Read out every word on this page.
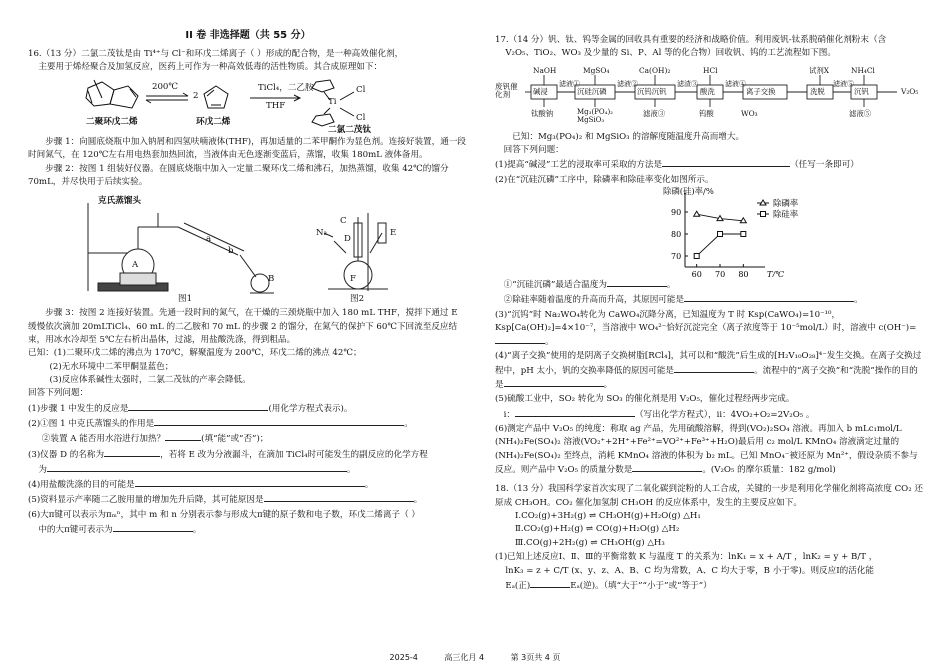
II 卷 非选择题（共 55 分）

16.（13 分）二氯二茂钛是由 Ti⁴⁺与 Cl⁻和环戊二烯离子（ ）形成的配合物，是一种高效催化剂，

主要用于烯烃聚合及加氢反应，医药上可作为一种高效低毒的活性物质。其合成原理如下：

200℃
2
TiCl₄，二乙胺
THF	Ti
Cl
Cl
二聚环戊二烯	环戊二烯
二氯二茂钛

步骤 1：向圆底烧瓶中加入钠屑和四氢呋喃液体(THF)，再加适量的二苯甲酮作为显色剂。连接好装置，通一段时间氮气，在 120℃左右用电热套加热回流，当液体由无色逐渐变蓝后，蒸馏，收集 180mL 液体备用。

步骤 2：按图 1 组装好仪器。在圆底烧瓶中加入一定量二聚环戊二烯和沸石，加热蒸馏，收集 42℃的馏分 70mL，并尽快用于后续实验。

克氏蒸馏头
A
B
a
b
C
D
E
F
N₂
图1	图2

步骤 3：按图 2 连接好装置。先通一段时间的氮气，在干燥的三颈烧瓶中加入 180 mL THF，搅拌下通过 E 缓慢依次滴加 20mLTiCl₄、60 mL 的二乙胺和 70 mL 的步骤 2 的馏分，在氮气的保护下 60℃下回流至反应结束，用冰水冷却至 5℃左右析出晶体，过滤，用盐酸洗涤，得到粗品。

已知：(1)二聚环戊二烯的沸点为 170℃，解聚温度为 200℃，环戊二烯的沸点 42℃；

(2)无水环境中二苯甲酮显蓝色；

(3)反应体系碱性太强时，二氯二茂钛的产率会降低。

回答下列问题：

(1)步骤 1 中发生的反应是	(用化学方程式表示)。

(2)①图 1 中克氏蒸馏头的作用是	。

②装置 A 能否用水浴进行加热？	(填“能”或“否”)；

(3)仪器 D 的名称为	，若将 E 改为分液漏斗，在滴加 TiCl₄时可能发生的副反应的化学方程

为	。

(4)用盐酸洗涤的目的可能是	。

(5)资料显示产率随二乙胺用量的增加先升后降，其可能原因是	。

(6)大π键可以表示为πₘⁿ，其中 m 和 n 分别表示参与形成大π键的原子数和电子数，环戊二烯离子（ ）

中的大π键可表示为	。

17.（14 分）钒、钛、钨等金属的回收具有重要的经济和战略价值。利用废钒-钛系脱硝催化剂粉末（含

V₂O₅、TiO₂、WO₃ 及少量的 Si、P、Al 等的化合物）回收钒、钨的工艺流程如下图。

废钒催化剂	碱浸	沉硅沉磷	沉钨沉钒	酸洗	离子交换	洗脱	沉钒
NaOH	MgSO₄	Ca(OH)₂	HCl	试剂X	NH₄Cl
滤液①	滤液②	滤渣③	滤液④	滤液⑤
钛酸钠	Mg₃(PO₄)₂ MgSiO₃
滤液③	钨酸	WO₃	滤液⑤
V₂O₅

已知：Mg₃(PO₄)₂ 和 MgSiO₃ 的溶解度随温度升高而增大。

回答下列问题：

(1)提高“碱浸”工艺的浸取率可采取的方法是	（任写一条即可）

(2)在“沉硅沉磷”工序中，除磷率和除硅率变化如图所示。

70
80
90
60 70 80 T/℃
除磷率
除硅率
除磷(硅)率/%

①“沉硅沉磷”最适合温度为	。

②除硅率随着温度的升高而升高，其原因可能是	。

(3)“沉钨”时 Na₂WO₄转化为 CaWO₄沉降分离，已知温度为 T 时 Ksp(CaWO₄)=10⁻¹⁰，Ksp[Ca(OH)₂]=4×10⁻⁷，当溶液中 WO₄²⁻恰好沉淀完全（离子浓度等于 10⁻⁵mol/L）时，溶液中 c(OH⁻)=。

(4)“离子交换”使用的是阴离子交换树脂[RCl₄]，其可以和“酸洗”后生成的[H₂V₁₀O₂₈]⁴⁻发生交换。在离子交换过程中，pH 太小，钒的交换率降低的原因可能是	。流程中的“离子交换”和“洗脱”操作的目的是	。

(5)硫酸工业中，SO₂ 转化为 SO₃ 的催化剂是用 V₂O₅，催化过程经两步完成。

ⅰ：	（写出化学方程式），ⅱ：4VO₂+O₂=2V₂O₅ 。

(6)测定产品中 V₂O₅ 的纯度：称取 ag 产品，先用硫酸溶解，得到(VO₂)₂SO₄ 溶液。再加入 b mLc₁mol/L (NH₄)₂Fe(SO₄)₂ 溶液(VO₂⁺+2H⁺+Fe²⁺=VO²⁺+Fe³⁺+H₂O)最后用 c₂ mol/L KMnO₄ 溶液滴定过量的 (NH₄)₂Fe(SO₄)₂ 至终点，消耗 KMnO₄ 溶液的体积为 b₂ mL。已知 MnO₄⁻被还原为 Mn²⁺，假设杂质不参与反应。则产品中 V₂O₅ 的质量分数是	。(V₂O₅ 的摩尔质量：182 g/mol)

18.（13 分）我国科学家首次实现了二氧化碳到淀粉的人工合成，关键的一步是利用化学催化剂将高浓度 CO₂ 还原成 CH₃OH。CO₂ 催化加氢制 CH₃OH 的反应体系中，发生的主要反应如下。

Ⅰ.CO₂(g)+3H₂(g) ⇌ CH₃OH(g)+H₂O(g) △H₁

Ⅱ.CO₂(g)+H₂(g) ⇌ CO(g)+H₂O(g) △H₂

Ⅲ.CO(g)+2H₂(g) ⇌ CH₃OH(g) △H₃

(1)已知上述反应Ⅰ、Ⅱ、Ⅲ的平衡常数 K 与温度 T 的关系为：lnK₁ = x + A/T ，lnK₂ = y + B/T ，

lnK₃ = z + C/T (x、y、z、A、B、C 均为常数，A、C 均大于零，B 小于零)。则反应Ⅰ的活化能

Eₐ(正)	Eₐ(逆)。（填“大于”“小于”或“等于”）

2025-4	高三化月 4	第 3页共 4 页
